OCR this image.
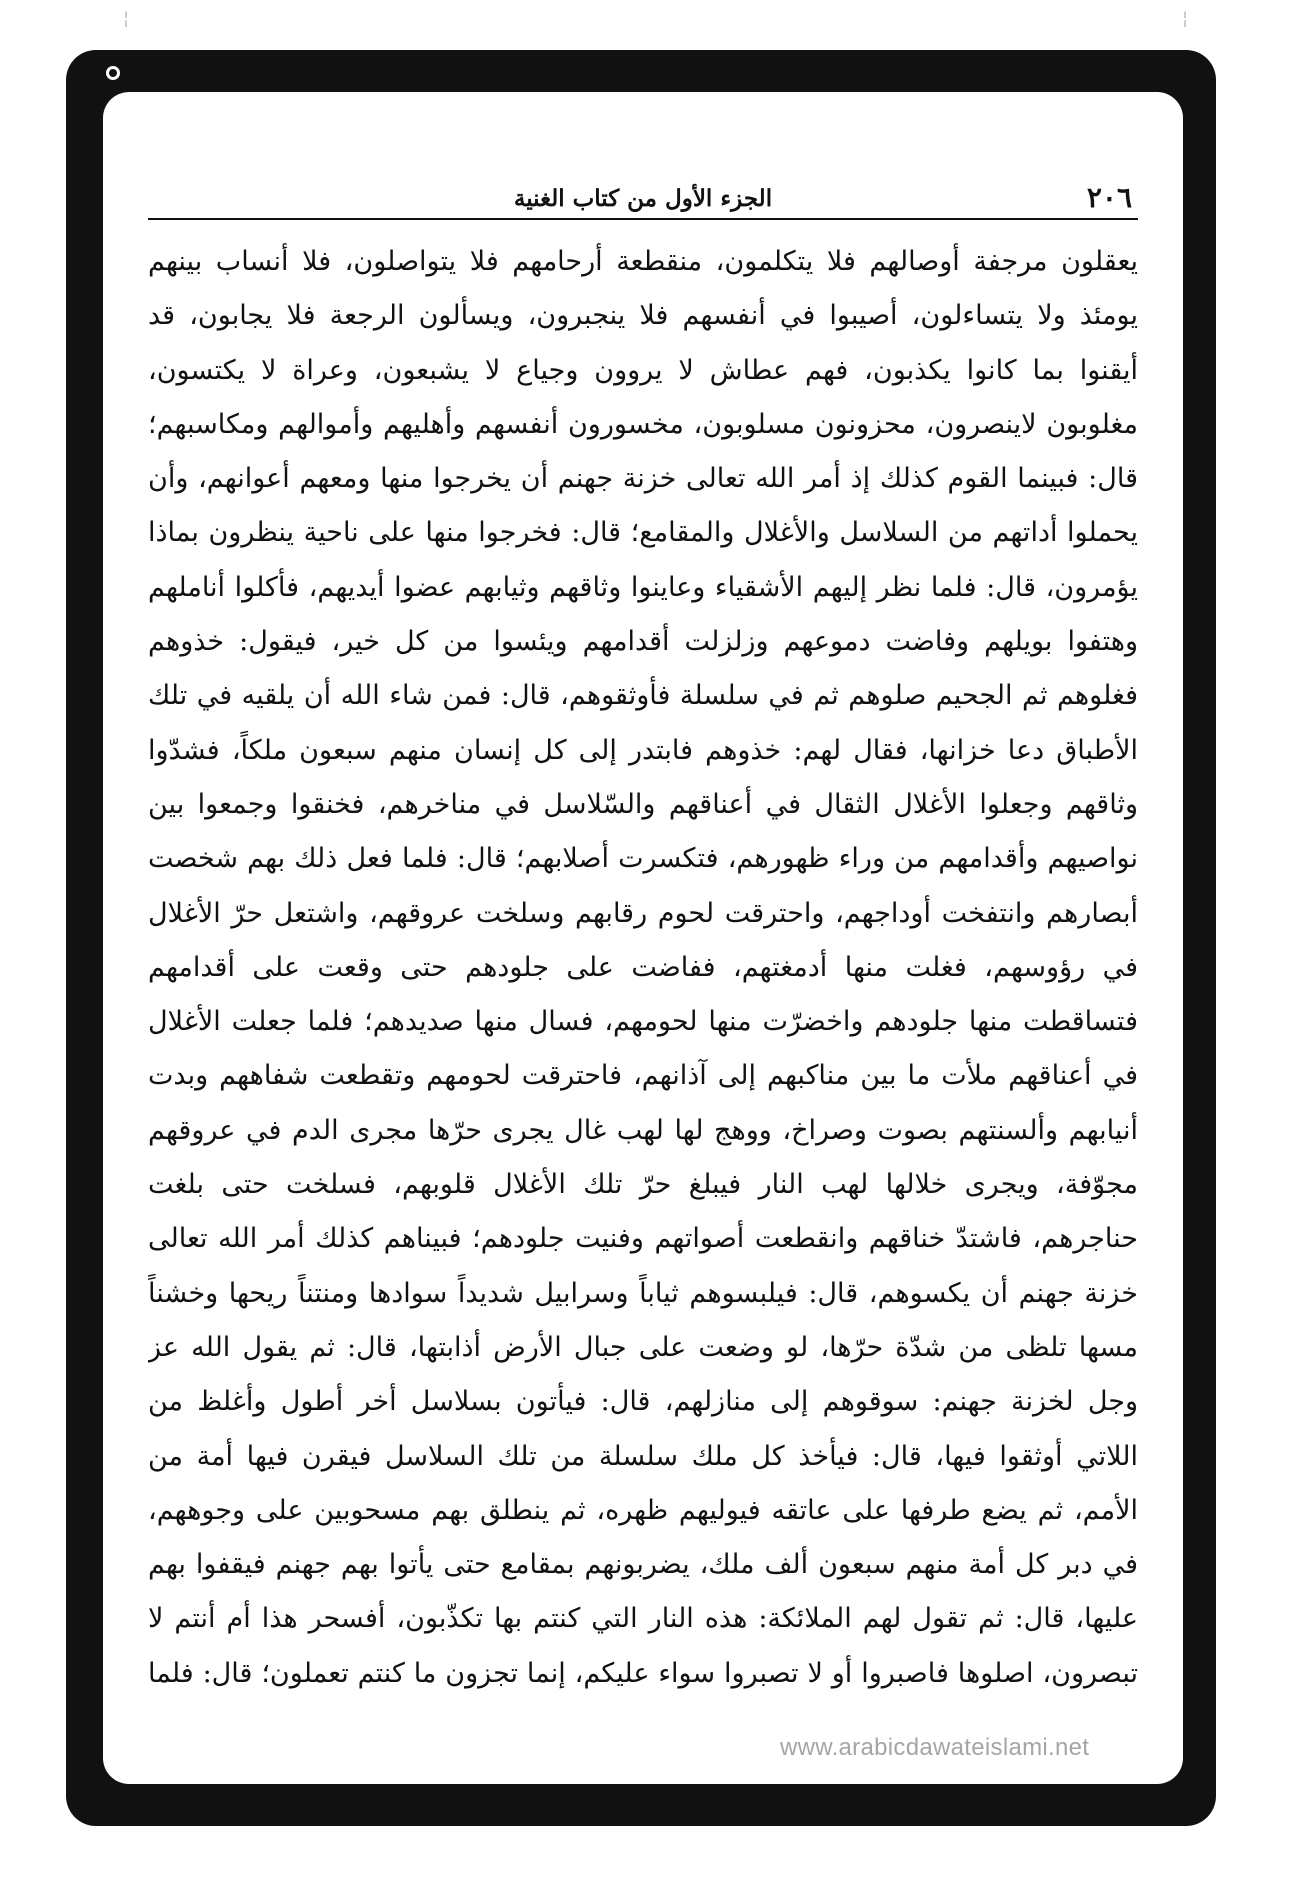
¦	¦
٢٠٦
الجزء الأول من كتاب الغنية

يعقلون مرجفة أوصالهم فلا يتكلمون، منقطعة أرحامهم فلا يتواصلون، فلا أنساب بينهم يومئذ ولا يتساءلون، أصيبوا في أنفسهم فلا ينجبرون، ويسألون الرجعة فلا يجابون، قد أيقنوا بما كانوا يكذبون، فهم عطاش لا يروون وجياع لا يشبعون، وعراة لا يكتسون، مغلوبون لاينصرون، محزونون مسلوبون، مخسورون أنفسهم وأهليهم وأموالهم ومكاسبهم؛ قال: فبينما القوم كذلك إذ أمر الله تعالى خزنة جهنم أن يخرجوا منها ومعهم أعوانهم، وأن يحملوا أداتهم من السلاسل والأغلال والمقامع؛ قال: فخرجوا منها على ناحية ينظرون بماذا يؤمرون، قال: فلما نظر إليهم الأشقياء وعاينوا وثاقهم وثيابهم عضوا أيديهم، فأكلوا أناملهم وهتفوا بويلهم وفاضت دموعهم وزلزلت أقدامهم ويئسوا من كل خير، فيقول: خذوهم فغلوهم ثم الجحيم صلوهم ثم في سلسلة فأوثقوهم، قال: فمن شاء الله أن يلقيه في تلك الأطباق دعا خزانها، فقال لهم: خذوهم فابتدر إلى كل إنسان منهم سبعون ملكاً، فشدّوا وثاقهم وجعلوا الأغلال الثقال في أعناقهم والسّلاسل في مناخرهم، فخنقوا وجمعوا بين نواصيهم وأقدامهم من وراء ظهورهم، فتكسرت أصلابهم؛ قال: فلما فعل ذلك بهم شخصت أبصارهم وانتفخت أوداجهم، واحترقت لحوم رقابهم وسلخت عروقهم، واشتعل حرّ الأغلال في رؤوسهم، فغلت منها أدمغتهم، ففاضت على جلودهم حتى وقعت على أقدامهم فتساقطت منها جلودهم واخضرّت منها لحومهم، فسال منها صديدهم؛ فلما جعلت الأغلال في أعناقهم ملأت ما بين مناكبهم إلى آذانهم، فاحترقت لحومهم وتقطعت شفاههم وبدت أنيابهم وألسنتهم بصوت وصراخ، ووهج لها لهب غال يجرى حرّها مجرى الدم في عروقهم مجوّفة، ويجرى خلالها لهب النار فيبلغ حرّ تلك الأغلال قلوبهم، فسلخت حتى بلغت حناجرهم، فاشتدّ خناقهم وانقطعت أصواتهم وفنيت جلودهم؛ فبيناهم كذلك أمر الله تعالى خزنة جهنم أن يكسوهم، قال: فيلبسوهم ثياباً وسرابيل شديداً سوادها ومنتناً ريحها وخشناً مسها تلظى من شدّة حرّها، لو وضعت على جبال الأرض أذابتها، قال: ثم يقول الله عز وجل لخزنة جهنم: سوقوهم إلى منازلهم، قال: فيأتون بسلاسل أخر أطول وأغلظ من اللاتي أوثقوا فيها، قال: فيأخذ كل ملك سلسلة من تلك السلاسل فيقرن فيها أمة من الأمم، ثم يضع طرفها على عاتقه فيوليهم ظهره، ثم ينطلق بهم مسحوبين على وجوههم، في دبر كل أمة منهم سبعون ألف ملك، يضربونهم بمقامع حتى يأتوا بهم جهنم فيقفوا بهم عليها، قال: ثم تقول لهم الملائكة: هذه النار التي كنتم بها تكذّبون، أفسحر هذا أم أنتم لا تبصرون، اصلوها فاصبروا أو لا تصبروا سواء عليكم، إنما تجزون ما كنتم تعملون؛ قال: فلما

www.arabicdawateislami.net
